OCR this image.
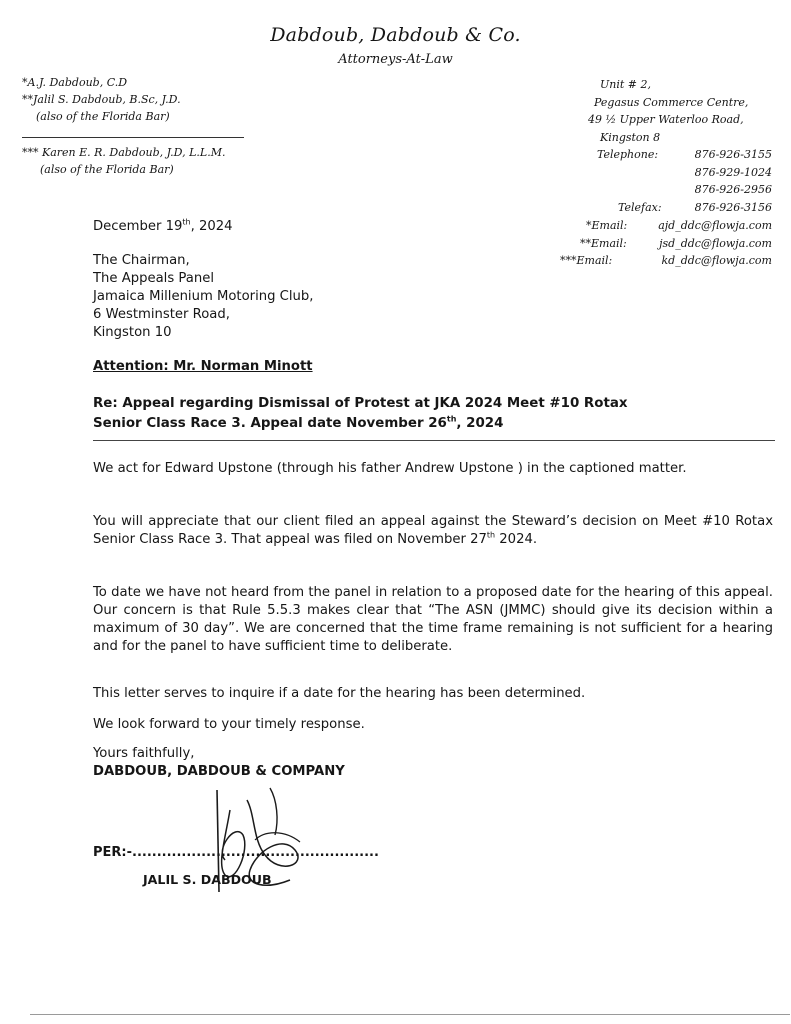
Dabdoub, Dabdoub & Co.
Attorneys-At-Law
*A.J. Dabdoub, C.D
**Jalil S. Dabdoub, B.Sc, J.D.
(also of the Florida Bar)
*** Karen E. R. Dabdoub, J.D, L.L.M.
(also of the Florida Bar)
Unit # 2,
Pegasus Commerce Centre,
49 ½ Upper Waterloo Road,
Kingston 8
Telephone:	876-926-3155
876-929-1024
876-926-2956
Telefax:	876-926-3156
*Email:	ajd_ddc@flowja.com
**Email:	jsd_ddc@flowja.com
***Email:	kd_ddc@flowja.com
December 19th, 2024
The Chairman,
The Appeals Panel
Jamaica Millenium Motoring Club,
6 Westminster Road,
Kingston 10
Attention: Mr. Norman Minott
Re: Appeal regarding Dismissal of Protest at JKA 2024 Meet #10 Rotax
Senior Class Race 3. Appeal date November 26th, 2024
We act for Edward Upstone (through his father Andrew Upstone ) in the captioned matter.
You will appreciate that our client filed an appeal against the Steward’s decision on Meet #10 Rotax Senior Class Race 3. That appeal was filed on November 27th 2024.
To date we have not heard from the panel in relation to a proposed date for the hearing of this appeal. Our concern is that Rule 5.5.3 makes clear that “The ASN (JMMC) should give its decision within a maximum of 30 day”. We are concerned that the time frame remaining is not sufficient for a hearing and for the panel to have sufficient time to deliberate.
This letter serves to inquire if a date for the hearing has been determined.
We look forward to your timely response.
Yours faithfully,
DABDOUB, DABDOUB & COMPANY
PER:-..................................................
JALIL S. DABDOUB
